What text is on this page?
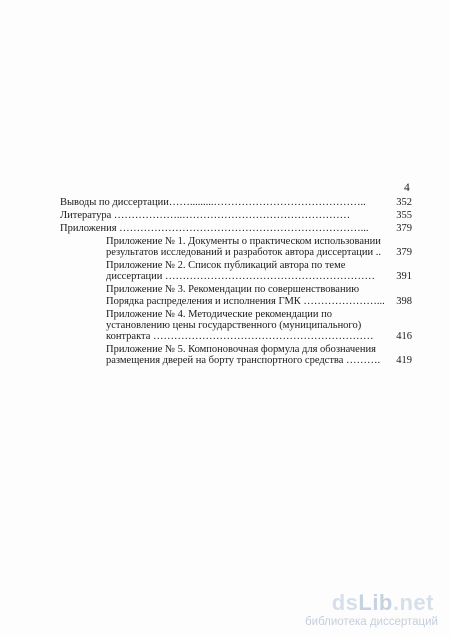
4
Выводы по диссертации…….........……………………………………..	352
Литература ………………..…………………………………………	355
Приложения ……………………………………………………………...	379
Приложение № 1. Документы о практическом использовании
результатов исследований и разработок автора диссертации ..	379
Приложение № 2. Список публикаций автора по теме
диссертации ……………………………………………………	391
Приложение № 3. Рекомендации по совершенствованию
Порядка распределения и исполнения ГМК …………………...	398
Приложение № 4. Методические рекомендации по
установлению цены государственного (муниципального)
контракта ………………………………………………………	416
Приложение № 5. Компоновочная формула для обозначения
размещения дверей на борту транспортного средства ……….	419
dsLib.net
библиотека диссертаций
